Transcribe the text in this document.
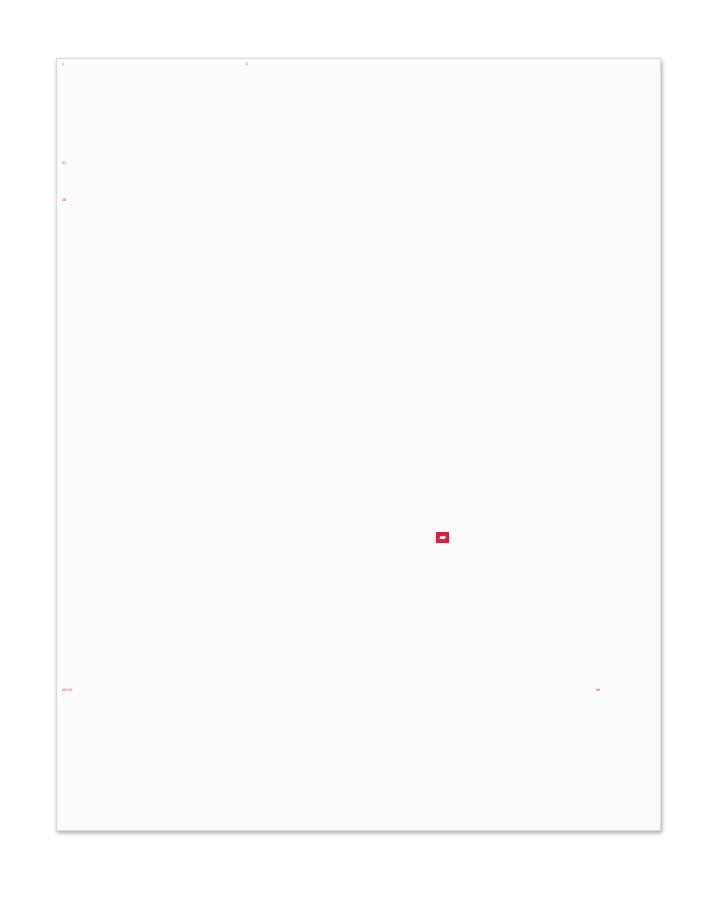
1	2
31
38
➠
66 DX	68
